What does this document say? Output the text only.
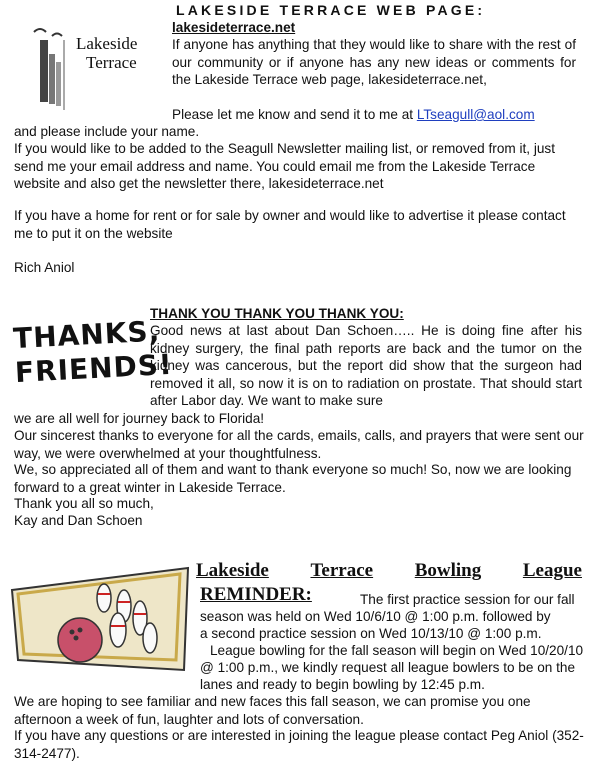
Lakeside
Terrace
LAKESIDE TERRACE WEB PAGE:
lakesideterrace.net
If anyone has anything that they would like to share with the rest of our community or if anyone has any new ideas or comments for the Lakeside Terrace web page, lakesideterrace.net,
Please let me know and send it to me at LTseagull@aol.com
and please include your name.
If you would like to be added to the Seagull Newsletter mailing list, or removed from it, just send me your email address and name. You could email me from the Lakeside Terrace website and also get the newsletter there, lakesideterrace.net
If you have a home for rent or for sale by owner and would like to advertise it please contact me to put it on the website
Rich Aniol
THANKS,
FRIENDS!
THANK YOU THANK YOU THANK YOU:
Good news at last about Dan Schoen….. He is doing fine after his kidney surgery, the final path reports are back and the tumor on the kidney was cancerous, but the report did show that the surgeon had removed it all, so now it is on to radiation on prostate. That should start after Labor day. We want to make sure
we are all well for journey back to Florida!
Our sincerest thanks to everyone for all the cards, emails, calls, and prayers that were sent our way, we were overwhelmed at your thoughtfulness.
We, so appreciated all of them and want to thank everyone so much! So, now we are looking forward to a great winter in Lakeside Terrace.
Thank you all so much,
Kay and Dan Schoen
Lakeside Terrace Bowling League
REMINDER:	The first practice session for our fall
season was held on Wed 10/6/10 @ 1:00 p.m. followed by
a second practice session on Wed 10/13/10 @ 1:00 p.m.
League bowling for the fall season will begin on Wed 10/20/10
@ 1:00 p.m., we kindly request all league bowlers to be on the
lanes and ready to begin bowling by 12:45 p.m.
We are hoping to see familiar and new faces this fall season, we can promise you one afternoon a week of fun, laughter and lots of conversation.
If you have any questions or are interested in joining the league please contact Peg Aniol (352-314-2477).
